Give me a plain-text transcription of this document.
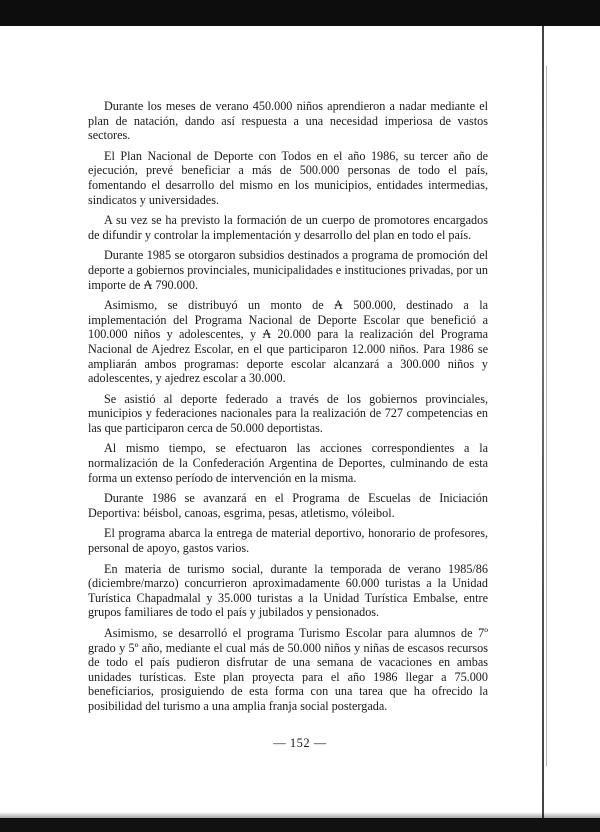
Durante los meses de verano 450.000 niños aprendieron a nadar mediante el plan de natación, dando así respuesta a una necesidad imperiosa de vastos sectores.

El Plan Nacional de Deporte con Todos en el año 1986, su tercer año de ejecución, prevé beneficiar a más de 500.000 personas de todo el país, fomentando el desarrollo del mismo en los municipios, entidades intermedias, sindicatos y universidades.

A su vez se ha previsto la formación de un cuerpo de promotores encargados de difundir y controlar la implementación y desarrollo del plan en todo el país.

Durante 1985 se otorgaron subsidios destinados a programa de promoción del deporte a gobiernos provinciales, municipalidades e instituciones privadas, por un importe de ₳ 790.000.

Asimismo, se distribuyó un monto de ₳ 500.000, destinado a la implementación del Programa Nacional de Deporte Escolar que benefició a 100.000 niños y adolescentes, y ₳ 20.000 para la realización del Programa Nacional de Ajedrez Escolar, en el que participaron 12.000 niños. Para 1986 se ampliarán ambos programas: deporte escolar alcanzará a 300.000 niños y adolescentes, y ajedrez escolar a 30.000.

Se asistió al deporte federado a través de los gobiernos provinciales, municipios y federaciones nacionales para la realización de 727 competencias en las que participaron cerca de 50.000 deportistas.

Al mismo tiempo, se efectuaron las acciones correspondientes a la normalización de la Confederación Argentina de Deportes, culminando de esta forma un extenso período de intervención en la misma.

Durante 1986 se avanzará en el Programa de Escuelas de Iniciación Deportiva: béisbol, canoas, esgrima, pesas, atletismo, vóleibol.

El programa abarca la entrega de material deportivo, honorario de profesores, personal de apoyo, gastos varios.

En materia de turismo social, durante la temporada de verano 1985/86 (diciembre/marzo) concurrieron aproximadamente 60.000 turistas a la Unidad Turística Chapadmalal y 35.000 turistas a la Unidad Turística Embalse, entre grupos familiares de todo el país y jubilados y pensionados.

Asimismo, se desarrolló el programa Turismo Escolar para alumnos de 7º grado y 5º año, mediante el cual más de 50.000 niños y niñas de escasos recursos de todo el país pudieron disfrutar de una semana de vacaciones en ambas unidades turísticas. Este plan proyecta para el año 1986 llegar a 75.000 beneficiarios, prosiguiendo de esta forma con una tarea que ha ofrecido la posibilidad del turismo a una amplia franja social postergada.

— 152 —
